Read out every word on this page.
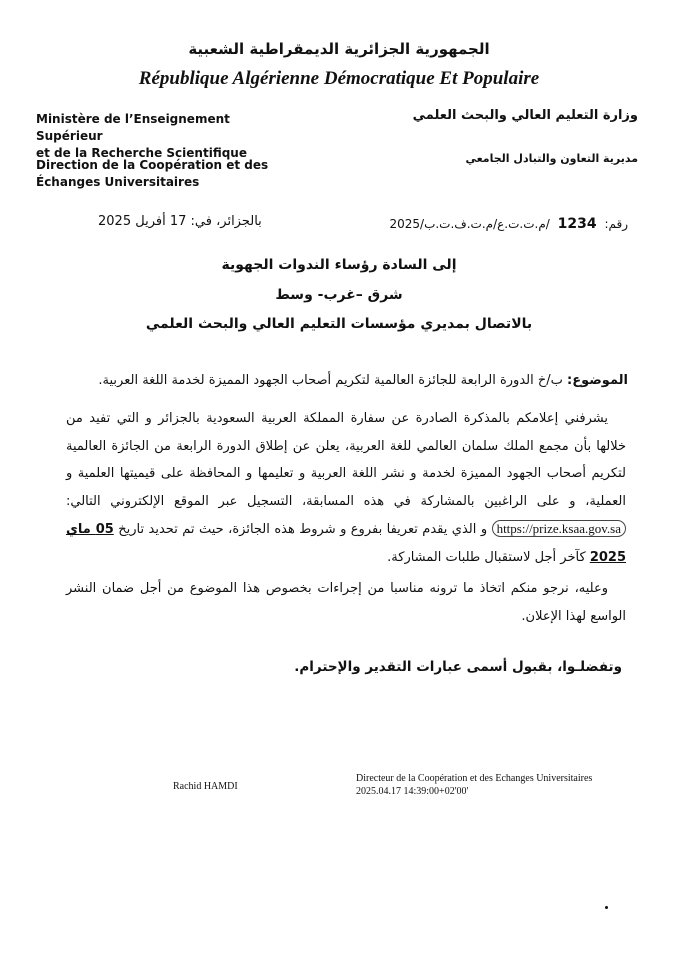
الجمهورية الجزائرية الديمقراطية الشعبية
République Algérienne Démocratique Et Populaire
Ministère de l’Enseignement Supérieur
et de la Recherche Scientifique
Direction de la Coopération et des
Échanges Universitaires
وزارة التعليم العالي والبحث العلمي
مديرية التعاون والتبادل الجامعي
رقم: 1234 /م.ت.ت.ع/م.ت.ف.ت.ب/2025
بالجزائر، في: 17 أفريل 2025
إلى السادة رؤساء الندوات الجهوية
شرق –غرب- وسط
بالاتصال بمديري مؤسسات التعليم العالي والبحث العلمي
الموضوع: ب/خ الدورة الرابعة للجائزة العالمية لتكريم أصحاب الجهود المميزة لخدمة اللغة العربية.

يشرفني إعلامكم بالمذكرة الصادرة عن سفارة المملكة العربية السعودية بالجزائر و التي تفيد من خلالها بأن مجمع الملك سلمان العالمي للغة العربية، يعلن عن إطلاق الدورة الرابعة من الجائزة العالمية لتكريم أصحاب الجهود المميزة لخدمة و نشر اللغة العربية و تعليمها و المحافظة على قيميتها العلمية و العملية، و على الراغبين بالمشاركة في هذه المسابقة، التسجيل عبر الموقع الإلكتروني التالي: https://prize.ksaa.gov.sa و الذي يقدم تعريفا بفروع و شروط هذه الجائزة، حيث تم تحديد تاريخ 05 ماي 2025 كآخر أجل لاستقبال طلبات المشاركة.

وعليه، نرجو منكم اتخاذ ما ترونه مناسبا من إجراءات بخصوص هذا الموضوع من أجل ضمان النشر الواسع لهذا الإعلان.

وتفضلـوا، بقبول أسمى عبارات التقدير والإحترام.
Rachid HAMDI
Directeur de la Coopération et des Echanges Universitaires
2025.04.17 14:39:00+02'00'
